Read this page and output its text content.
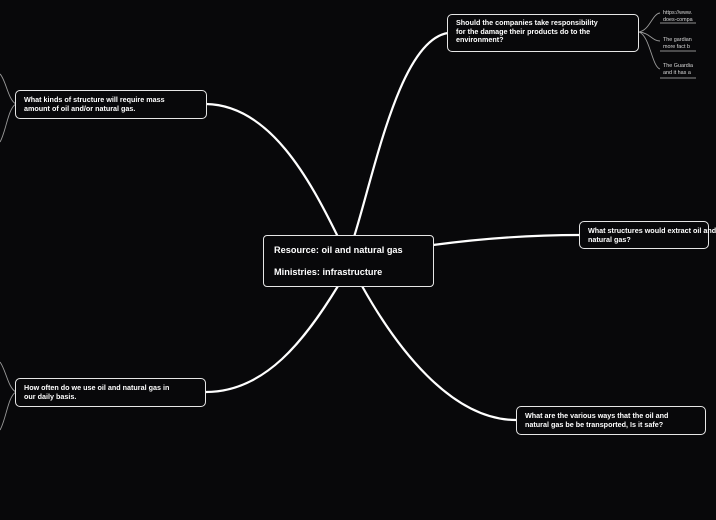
Resource: oil and natural gas
Ministries: infrastructure
Should the companies take responsibility
for the damage their products do to the
environment?
What structures would extract oil and
natural gas?
What are the various ways that the oil and
natural gas be be transported, Is it safe?
What kinds of structure will require mass
amount of oil and/or natural gas.
How often do we use oil and natural gas in
our daily basis.
https://www.
does-compa
The gardian
more fact b
The Guardia
and it has a
